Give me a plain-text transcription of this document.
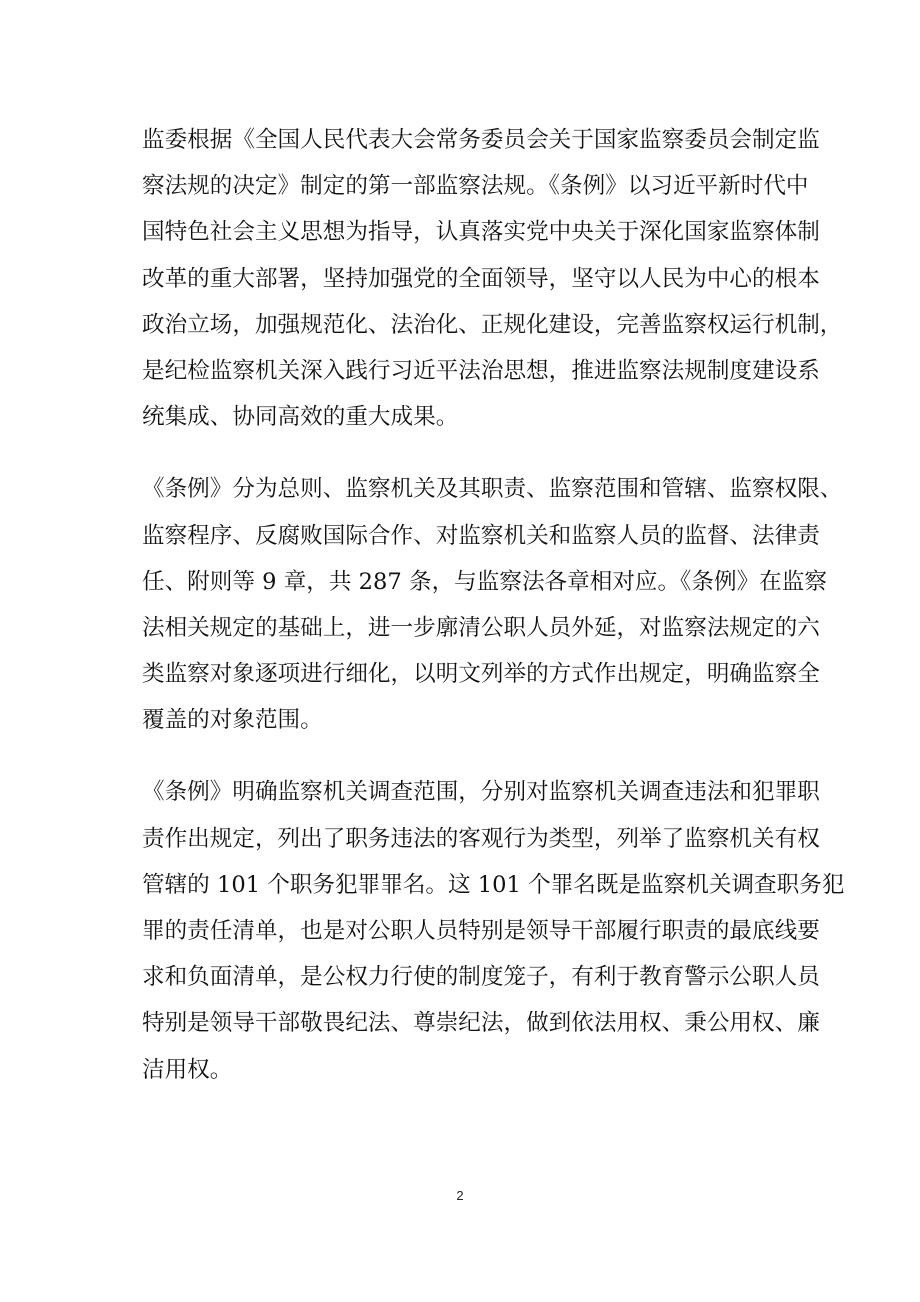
监委根据《全国人民代表大会常务委员会关于国家监察委员会制定监
察法规的决定》制定的第一部监察法规。《条例》以习近平新时代中
国特色社会主义思想为指导，认真落实党中央关于深化国家监察体制
改革的重大部署，坚持加强党的全面领导，坚守以人民为中心的根本
政治立场，加强规范化、法治化、正规化建设，完善监察权运行机制，
是纪检监察机关深入践行习近平法治思想，推进监察法规制度建设系
统集成、协同高效的重大成果。
《条例》分为总则、监察机关及其职责、监察范围和管辖、监察权限、
监察程序、反腐败国际合作、对监察机关和监察人员的监督、法律责
任、附则等 9 章，共 287 条，与监察法各章相对应。《条例》在监察
法相关规定的基础上，进一步廓清公职人员外延，对监察法规定的六
类监察对象逐项进行细化，以明文列举的方式作出规定，明确监察全
覆盖的对象范围。
《条例》明确监察机关调查范围，分别对监察机关调查违法和犯罪职
责作出规定，列出了职务违法的客观行为类型，列举了监察机关有权
管辖的 101 个职务犯罪罪名。这 101 个罪名既是监察机关调查职务犯
罪的责任清单，也是对公职人员特别是领导干部履行职责的最底线要
求和负面清单，是公权力行使的制度笼子，有利于教育警示公职人员
特别是领导干部敬畏纪法、尊崇纪法，做到依法用权、秉公用权、廉
洁用权。
2
